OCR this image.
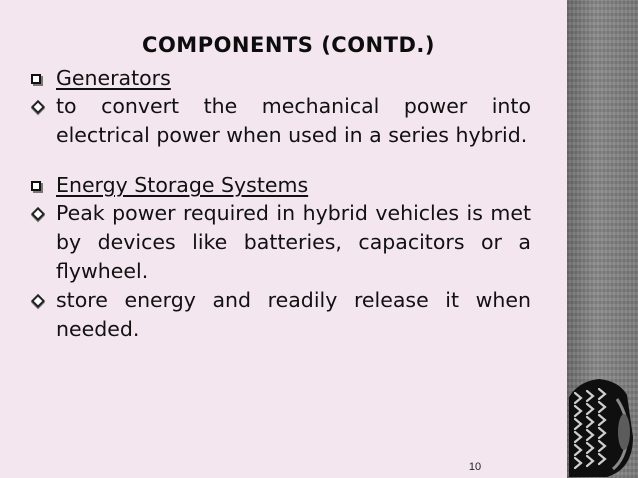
COMPONENTS (CONTD.)
Generators
to convert the mechanical power into electrical power when used in a series hybrid.
Energy Storage Systems
Peak power required in hybrid vehicles is met by devices like batteries, capacitors or a flywheel.
store energy and readily release it when needed.
10
